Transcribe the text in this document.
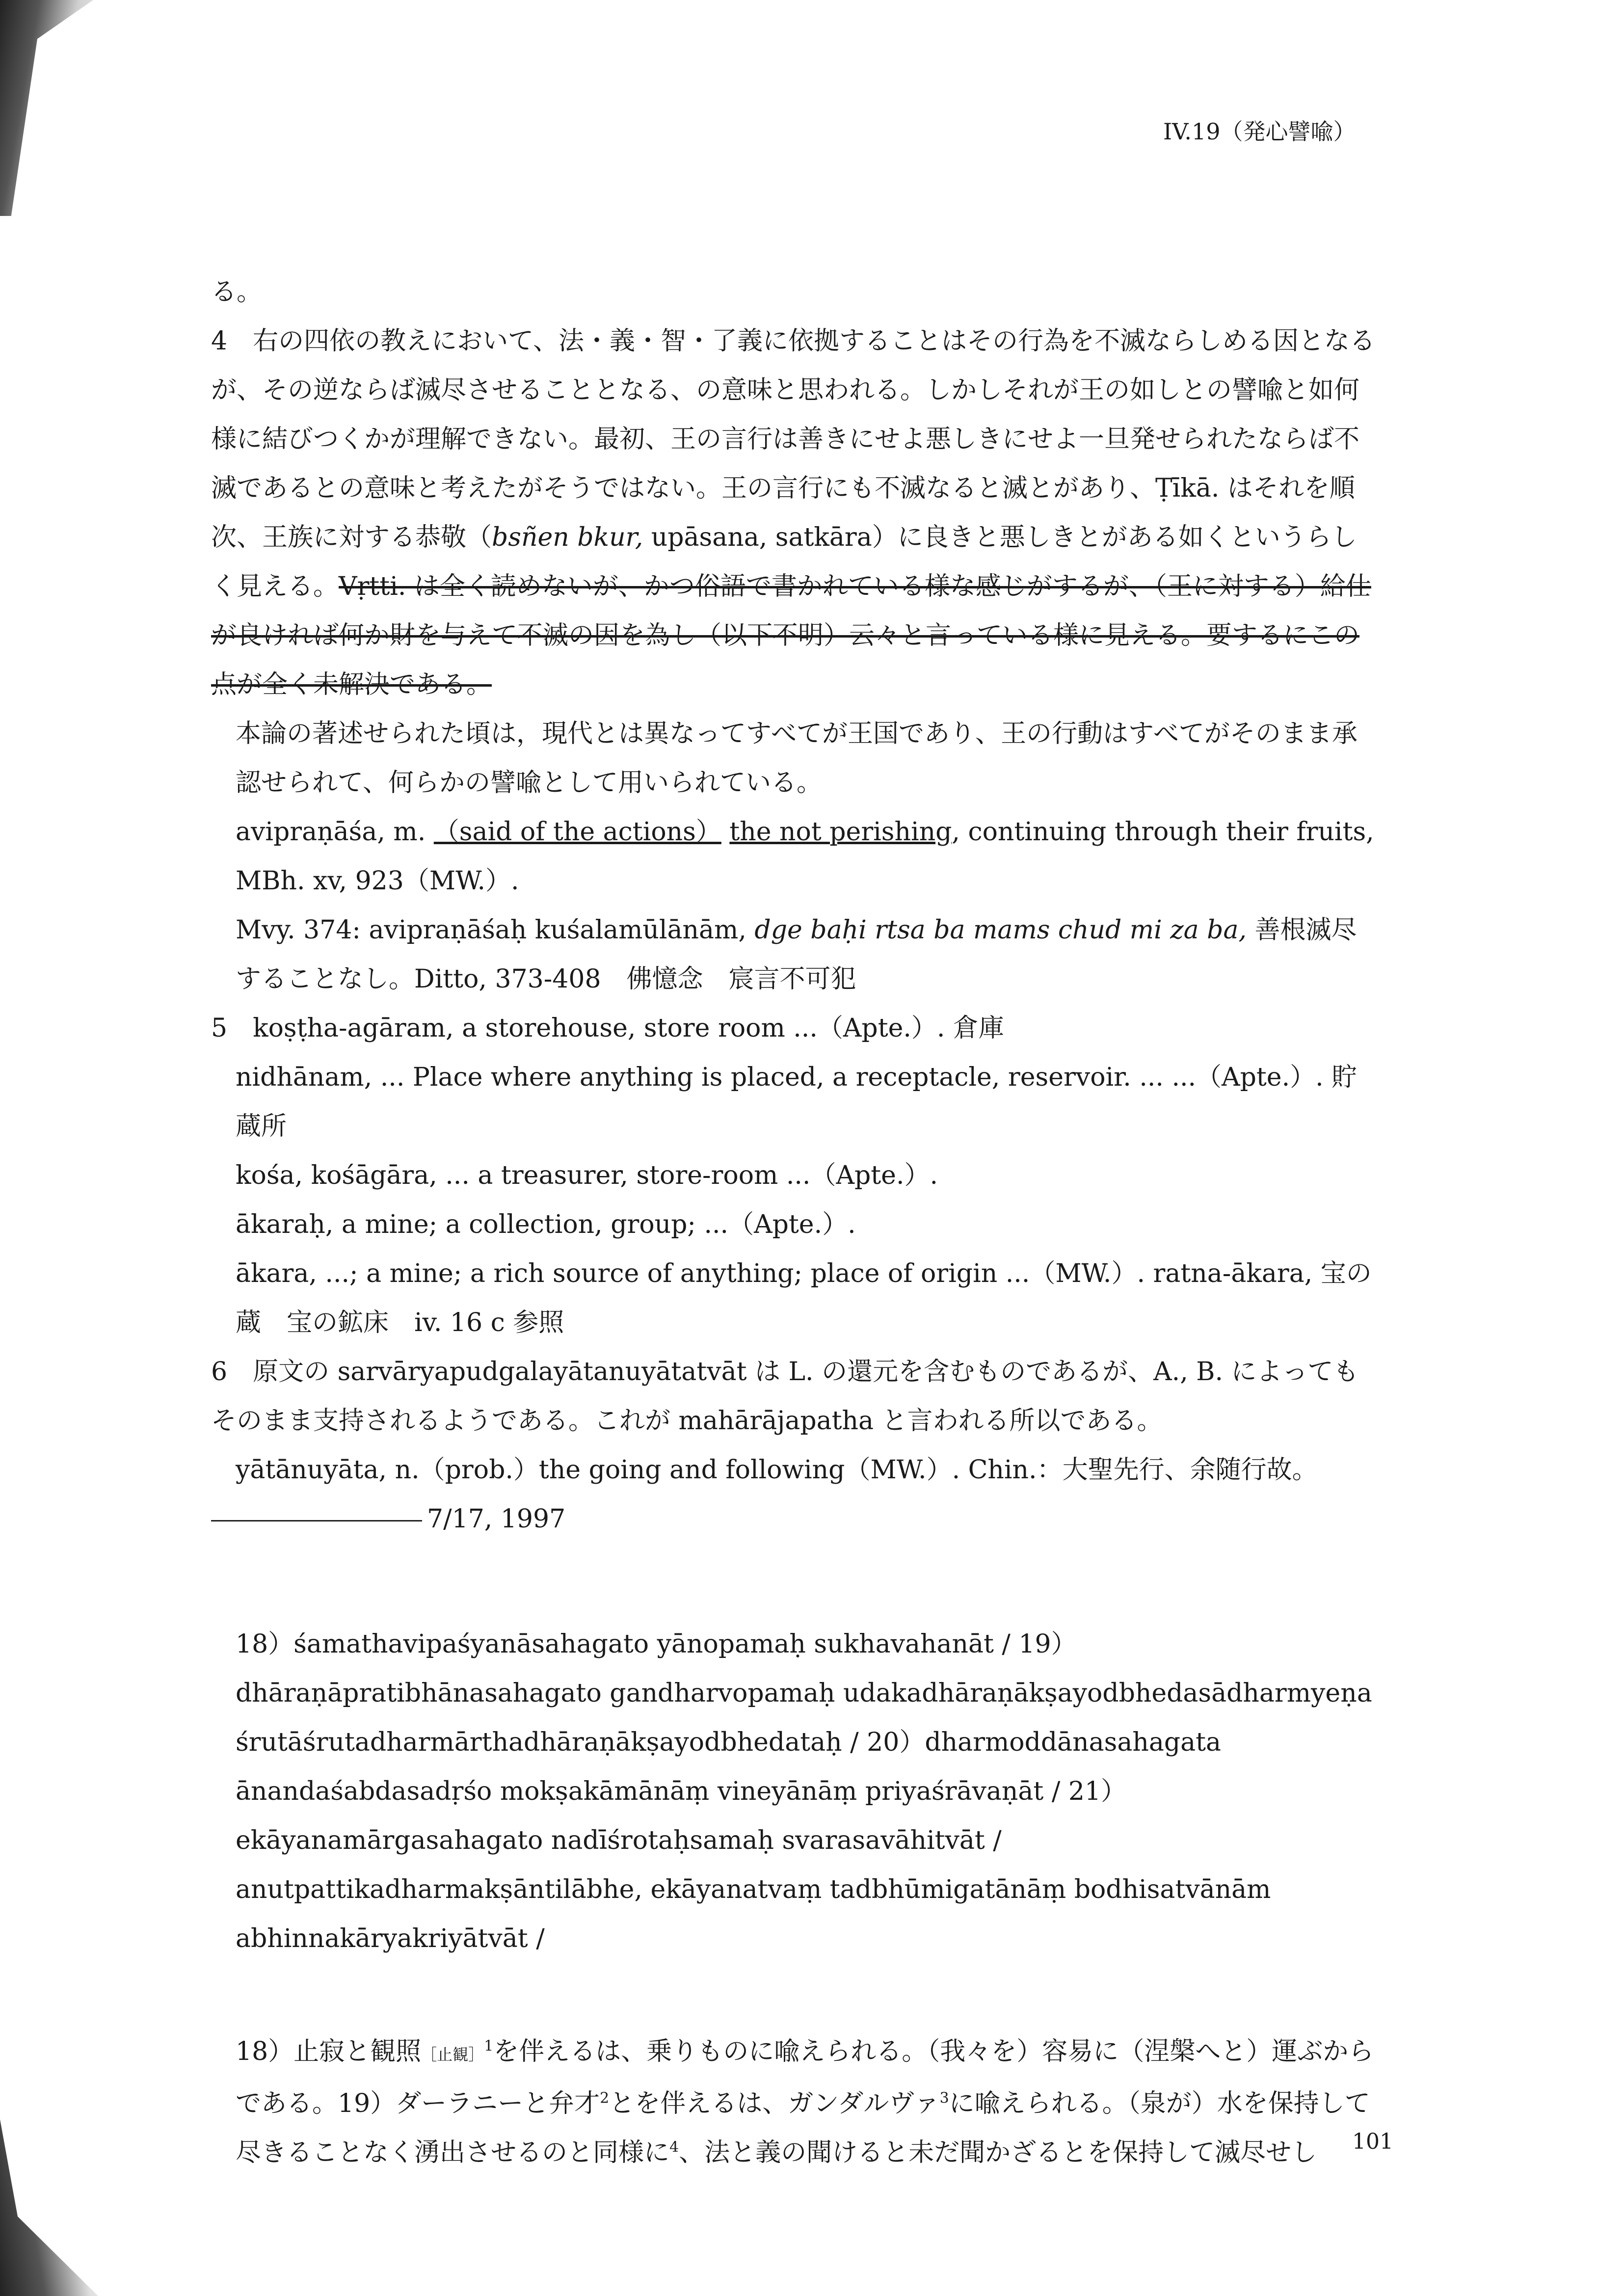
IV.19（発心譬喩）

る。

4　右の四依の教えにおいて、法・義・智・了義に依拠することはその行為を不滅ならしめる因となるが、その逆ならば滅尽させることとなる、の意味と思われる。しかしそれが王の如しとの譬喩と如何様に結びつくかが理解できない。最初、王の言行は善きにせよ悪しきにせよ一旦発せられたならば不滅であるとの意味と考えたがそうではない。王の言行にも不滅なると滅とがあり、Ṭīkā. はそれを順次、王族に対する恭敬（bsñen bkur, upāsana, satkāra）に良きと悪しきとがある如くというらしく見える。Vṛtti. は全く読めないが、かつ俗語で書かれている様な感じがするが、（王に対する）給仕が良ければ何か財を与えて不滅の因を為し（以下不明）云々と言っている様に見える。要するにこの点が全く未解決である。

本論の著述せられた頃は，現代とは異なってすべてが王国であり、王の行動はすべてがそのまま承認せられて、何らかの譬喩として用いられている。

avipraṇāśa, m. （said of the actions） the not perishing, continuing through their fruits, MBh. xv, 923（MW.）.

Mvy. 374: avipraṇāśaḥ kuśalamūlānām, dge baḥi rtsa ba mams chud mi za ba, 善根滅尽することなし。Ditto, 373-408　佛憶念　宸言不可犯

5　koṣṭha-agāram, a storehouse, store room ...（Apte.）. 倉庫

nidhānam, ... Place where anything is placed, a receptacle, reservoir. ... ...（Apte.）. 貯蔵所

kośa, kośāgāra, ... a treasurer, store-room ...（Apte.）.

ākaraḥ, a mine; a collection, group; ...（Apte.）.

ākara, ...; a mine; a rich source of anything; place of origin ...（MW.）. ratna-ākara, 宝の蔵　宝の鉱床　iv. 16 c 参照

6　原文の sarvāryapudgalayātanuyātatvāt は L. の還元を含むものであるが、A., B. によってもそのまま支持されるようである。これが mahārājapatha と言われる所以である。

yātānuyāta, n.（prob.）the going and following（MW.）. Chin.：大聖先行、余随行故。

7/17, 1997

18）śamathavipaśyanāsahagato yānopamaḥ sukhavahanāt / 19）dhāraṇāpratibhānasahagato gandharvopamaḥ udakadhāraṇākṣayodbhedasādharmyeṇa śrutāśrutadharmārthadhāraṇākṣayodbhedataḥ / 20）dharmoddānasahagata ānandaśabdasadṛśo mokṣakāmānāṃ vineyānāṃ priyaśrāvaṇāt / 21）ekāyanamārgasahagato nadīśrotaḥsamaḥ svarasavāhitvāt / anutpattikadharmakṣāntilābhe, ekāyanatvaṃ tadbhūmigatānāṃ bodhisatvānām abhinnakāryakriyātvāt /

18）止寂と観照［止観］$^1$を伴えるは、乗りものに喩えられる。（我々を）容易に（涅槃へと）運ぶからである。19）ダーラニーと弁才$^2$とを伴えるは、ガンダルヴァ$^3$に喩えられる。（泉が）水を保持して尽きることなく湧出させるのと同様に$^4$、法と義の聞けると未だ聞かざるとを保持して滅尽せし	101
